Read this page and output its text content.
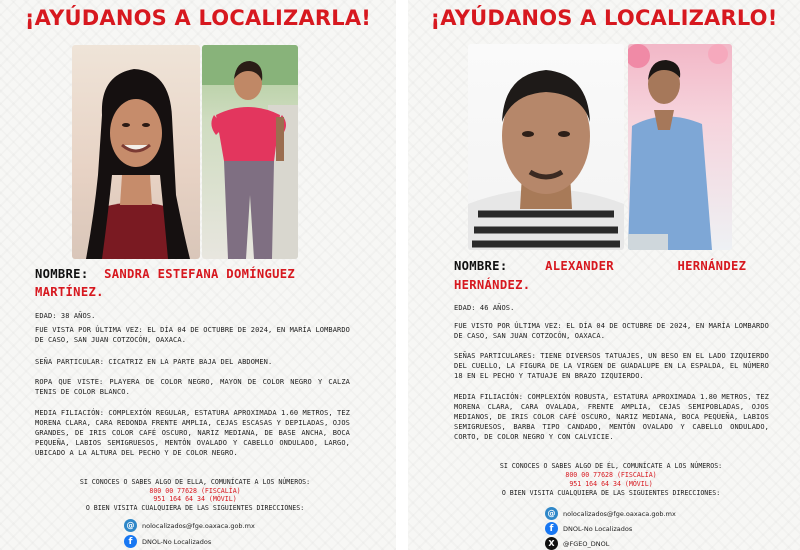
¡AYÚDANOS A LOCALIZARLA!
NOMBRE: SANDRA ESTEFANA DOMÍNGUEZ
MARTÍNEZ.
EDAD: 38 AÑOS.
FUE VISTA POR ÚLTIMA VEZ: EL DÍA 04 DE OCTUBRE DE 2024, EN MARÍA LOMBARDO DE CASO, SAN JUAN COTZOCÓN, OAXACA.
SEÑA PARTICULAR: CICATRIZ EN LA PARTE BAJA DEL ABDOMEN.
ROPA QUE VISTE: PLAYERA DE COLOR NEGRO, MAYON DE COLOR NEGRO Y CALZA TENIS DE COLOR BLANCO.
MEDIA FILIACIÓN: COMPLEXIÓN REGULAR, ESTATURA APROXIMADA 1.60 METROS, TEZ MORENA CLARA, CARA REDONDA FRENTE AMPLIA, CEJAS ESCASAS Y DEPILADAS, OJOS GRANDES, DE IRIS COLOR CAFÉ OSCURO, NARIZ MEDIANA, DE BASE ANCHA, BOCA PEQUEÑA, LABIOS SEMIGRUESOS, MENTÓN OVALADO Y CABELLO ONDULADO, LARGO, UBICADO A LA ALTURA DEL PECHO Y DE COLOR NEGRO.
SI CONOCES O SABES ALGO DE ELLA, COMUNÍCATE A LOS NÚMEROS:
800 00 77628 (FISCALÍA)
951 164 64 34 (MÓVIL)
O BIEN VISITA CUALQUIERA DE LAS SIGUIENTES DIRECCIONES:
@	nolocalizados@fge.oaxaca.gob.mx
f	DNOL-No Localizados
¡AYÚDANOS A LOCALIZARLO!
NOMBRE:	ALEXANDER	HERNÁNDEZ
HERNÁNDEZ.
EDAD: 46 AÑOS.
FUE VISTO POR ÚLTIMA VEZ: EL DÍA 04 DE OCTUBRE DE 2024, EN MARÍA LOMBARDO DE CASO, SAN JUAN COTZOCÓN, OAXACA.
SEÑAS PARTICULARES: TIENE DIVERSOS TATUAJES, UN BESO EN EL LADO IZQUIERDO DEL CUELLO, LA FIGURA DE LA VIRGEN DE GUADALUPE EN LA ESPALDA, EL NÚMERO 18 EN EL PECHO Y TATUAJE EN BRAZO IZQUIERDO.
MEDIA FILIACIÓN: COMPLEXIÓN ROBUSTA, ESTATURA APROXIMADA 1.80 METROS, TEZ MORENA CLARA, CARA OVALADA, FRENTE AMPLIA, CEJAS SEMIPOBLADAS, OJOS MEDIANOS, DE IRIS COLOR CAFÉ OSCURO, NARIZ MEDIANA, BOCA PEQUEÑA, LABIOS SEMIGRUESOS, BARBA TIPO CANDADO, MENTÓN OVALADO Y CABELLO ONDULADO, CORTO, DE COLOR NEGRO Y CON CALVICIE.
SI CONOCES O SABES ALGO DE ÉL, COMUNÍCATE A LOS NÚMEROS:
800 00 77628 (FISCALÍA)
951 164 64 34 (MÓVIL)
O BIEN VISITA CUALQUIERA DE LAS SIGUIENTES DIRECCIONES:
@	nolocalizados@fge.oaxaca.gob.mx
f	DNOL-No Localizados
X	@FGEO_DNOL
